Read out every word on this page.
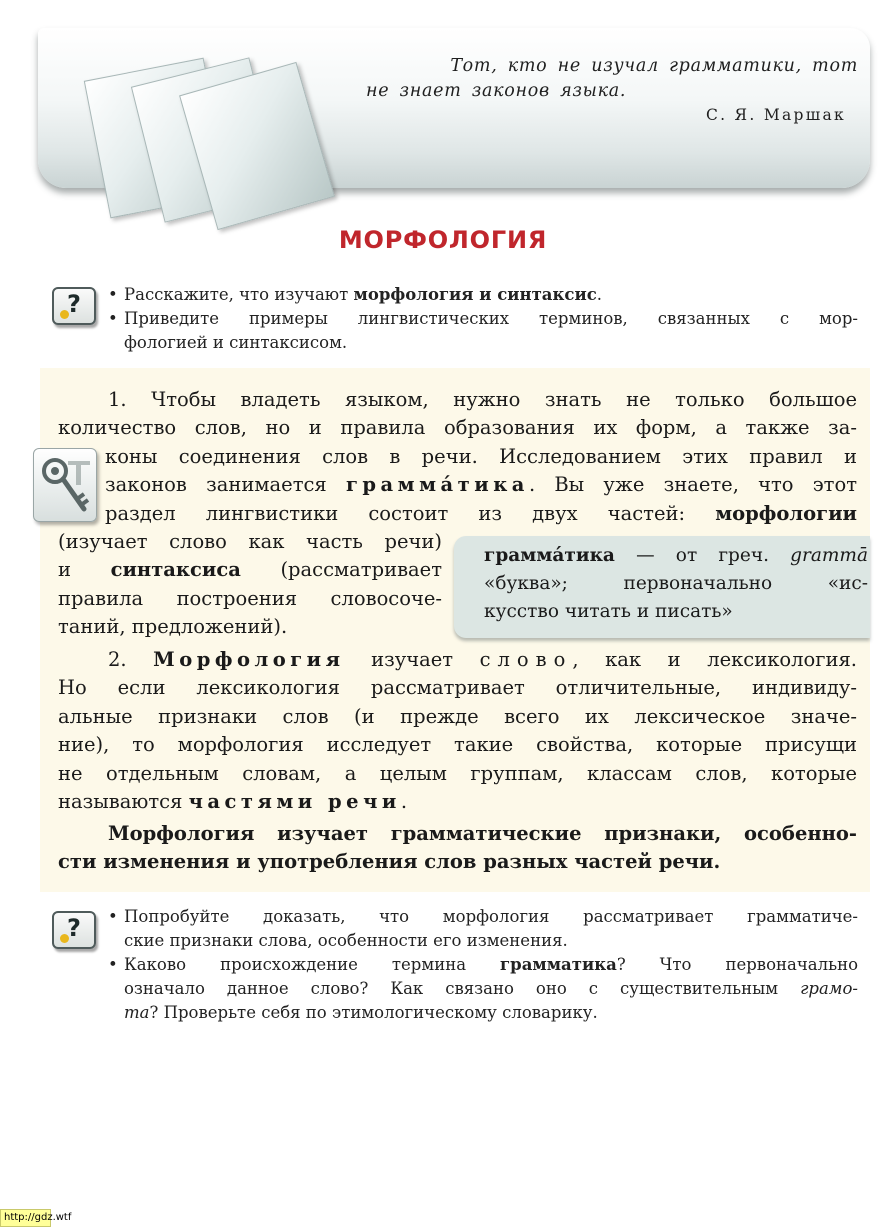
Тот, кто не изучал грамматики, тот
не знает законов языка.
С. Я. Маршак
МОРФОЛОГИЯ
?	• Расскажите, что изучают морфология и синтаксис.
• Приведите примеры лингвистических терминов, связанных с мор-
фологией и синтаксисом.
1. Чтобы владеть языком, нужно знать не только большое
количество слов, но и правила образования их форм, а также за-
коны соединения слов в речи. Исследованием этих правил и
законов занимается граммáтика. Вы уже знаете, что этот
раздел лингвистики состоит из двух частей: морфологии
(изучает слово как часть речи)
и синтаксиса (рассматривает
правила построения словосоче-
таний, предложений).
граммáтика — от греч. grammā
«буква»; первоначально «ис-
кусство читать и писать»
2. Морфология изучает слово, как и лексикология.
Но если лексикология рассматривает отличительные, индивиду-
альные признаки слов (и прежде всего их лексическое значе-
ние), то морфология исследует такие свойства, которые присущи
не отдельным словам, а целым группам, классам слов, которые
называются частями речи.
Морфология изучает грамматические признаки, особенно-
сти изменения и употребления слов разных частей речи.
?	• Попробуйте доказать, что морфология рассматривает грамматиче-
ские признаки слова, особенности его изменения.
• Каково происхождение термина грамматика? Что первоначально
означало данное слово? Как связано оно с существительным грамо-
та? Проверьте себя по этимологическому словарику.
http://gdz.wtf
